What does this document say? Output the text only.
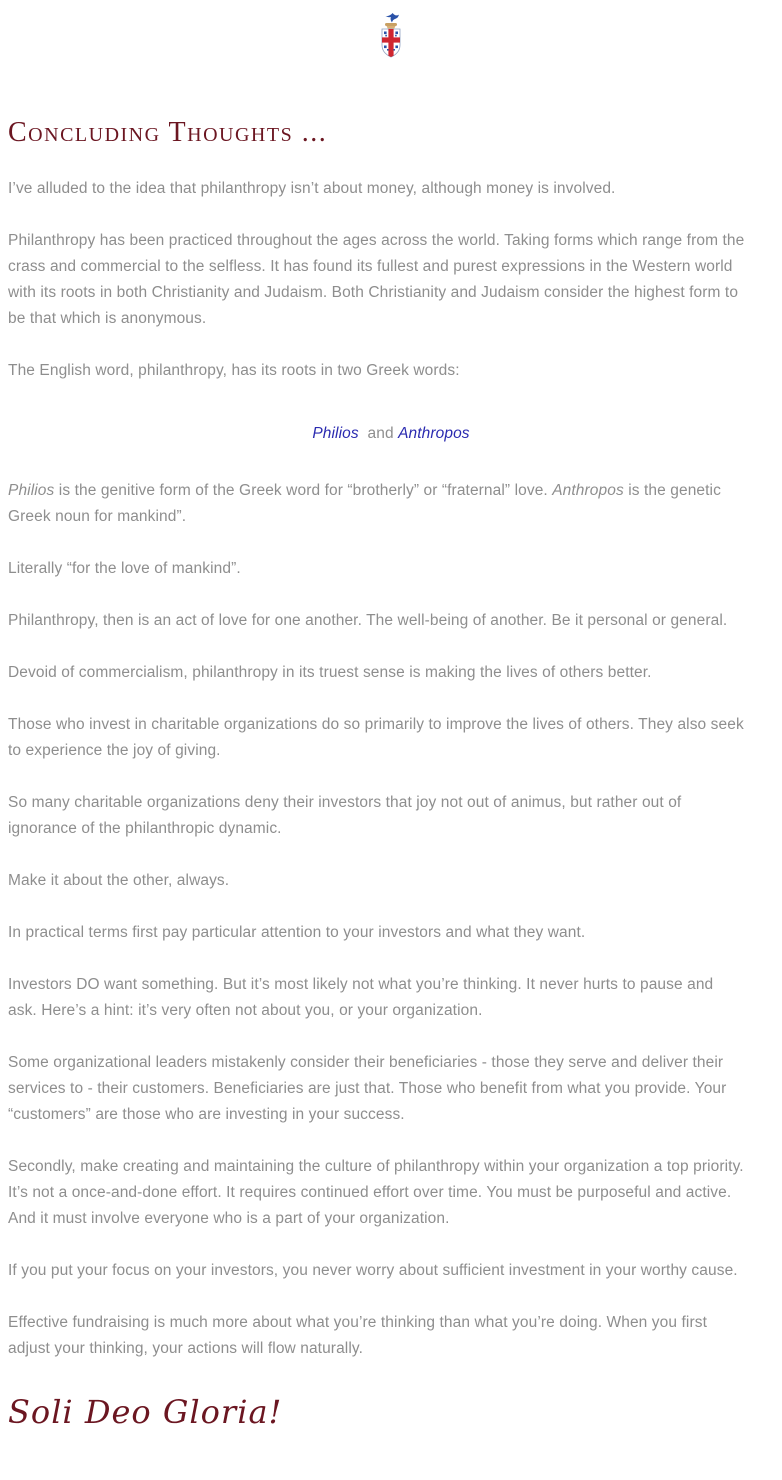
Concluding Thoughts ...

I’ve alluded to the idea that philanthropy isn’t about money, although money is involved.

Philanthropy has been practiced throughout the ages across the world. Taking forms which range from the crass and commercial to the selfless. It has found its fullest and purest expressions in the Western world with its roots in both Christianity and Judaism. Both Christianity and Judaism consider the highest form to be that which is anonymous.

The English word, philanthropy, has its roots in two Greek words:

Philios  and Anthropos

Philios is the genitive form of the Greek word for “brotherly” or “fraternal” love. Anthropos is the genetic Greek noun for mankind”.

Literally “for the love of mankind”.

Philanthropy, then is an act of love for one another. The well-being of another. Be it personal or general.

Devoid of commercialism, philanthropy in its truest sense is making the lives of others better.

Those who invest in charitable organizations do so primarily to improve the lives of others. They also seek to experience the joy of giving.

So many charitable organizations deny their investors that joy not out of animus, but rather out of ignorance of the philanthropic dynamic.

Make it about the other, always.

In practical terms first pay particular attention to your investors and what they want.

Investors DO want something. But it’s most likely not what you’re thinking. It never hurts to pause and ask. Here’s a hint: it’s very often not about you, or your organization.

Some organizational leaders mistakenly consider their beneficiaries - those they serve and deliver their services to - their customers. Beneficiaries are just that. Those who benefit from what you provide. Your “customers” are those who are investing in your success.

Secondly, make creating and maintaining the culture of philanthropy within your organization a top priority. It’s not a once-and-done effort. It requires continued effort over time. You must be purposeful and active. And it must involve everyone who is a part of your organization.

If you put your focus on your investors, you never worry about sufficient investment in your worthy cause.

Effective fundraising is much more about what you’re thinking than what you’re doing. When you first adjust your thinking, your actions will flow naturally.

Soli Deo Gloria!
